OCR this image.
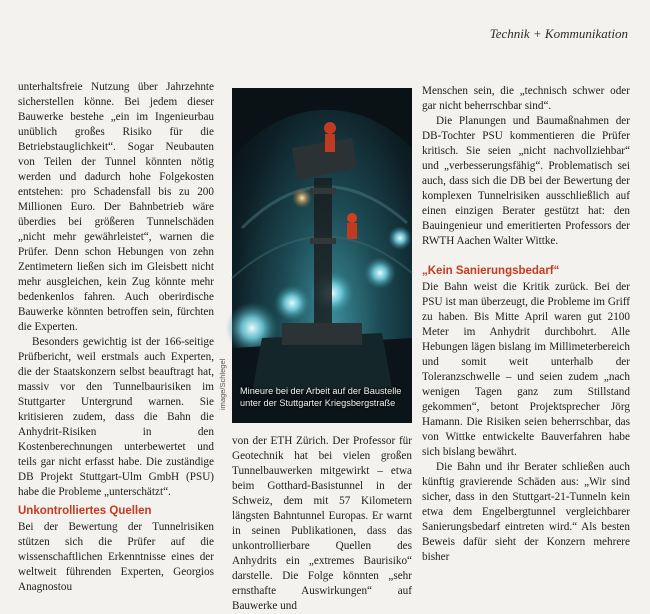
Technik + Kommunikation

unterhaltsfreie Nutzung über Jahrzehnte sicherstellen könne. Bei jedem dieser Bauwerke bestehe „ein im Ingenieurbau unüblich großes Risiko für die Betriebstauglichkeit“. Sogar Neubauten von Teilen der Tunnel könnten nötig werden und dadurch hohe Folgekosten entstehen: pro Schadensfall bis zu 200 Millionen Euro. Der Bahnbetrieb wäre überdies bei größeren Tunnelschäden „nicht mehr gewährleistet“, warnen die Prüfer. Denn schon Hebungen von zehn Zentimetern ließen sich im Gleisbett nicht mehr ausgleichen, kein Zug könnte mehr bedenkenlos fahren. Auch oberirdische Bauwerke könnten betroffen sein, fürchten die Experten.

Besonders gewichtig ist der 166-seitige Prüfbericht, weil erstmals auch Experten, die der Staatskonzern selbst beauftragt hat, massiv vor den Tunnelbaurisiken im Stuttgarter Untergrund warnen. Sie kritisieren zudem, dass die Bahn die Anhydrit-Risiken in den Kostenberechnungen unterbewertet und teils gar nicht erfasst habe. Die zuständige DB Projekt Stuttgart-Ulm GmbH (PSU) habe die Probleme „unterschätzt“.

Unkontrolliertes Quellen

Bei der Bewertung der Tunnelrisiken stützen sich die Prüfer auf die wissenschaftlichen Erkenntnisse eines der weltweit führenden Experten, Georgios Anagnostou

Mineure bei der Arbeit auf der Baustelle unter der Stuttgarter Kriegsbergstraße
image/Schlegel

von der ETH Zürich. Der Professor für Geotechnik hat bei vielen großen Tunnelbauwerken mitgewirkt – etwa beim Gotthard-Basistunnel in der Schweiz, dem mit 57 Kilometern längsten Bahntunnel Europas. Er warnt in seinen Publikationen, dass das unkontrollierbare Quellen des Anhydrits ein „extremes Baurisiko“ darstelle. Die Folge könnten „sehr ernsthafte Auswirkungen“ auf Bauwerke und

Menschen sein, die „technisch schwer oder gar nicht beherrschbar sind“.

Die Planungen und Baumaßnahmen der DB-Tochter PSU kommentieren die Prüfer kritisch. Sie seien „nicht nachvollziehbar“ und „verbesserungsfähig“. Problematisch sei auch, dass sich die DB bei der Bewertung der komplexen Tunnelrisiken ausschließlich auf einen einzigen Berater gestützt hat: den Bauingenieur und emeritierten Professors der RWTH Aachen Walter Wittke.

„Kein Sanierungsbedarf“

Die Bahn weist die Kritik zurück. Bei der PSU ist man überzeugt, die Probleme im Griff zu haben. Bis Mitte April waren gut 2100 Meter im Anhydrit durchbohrt. Alle Hebungen lägen bislang im Millimeterbereich und somit weit unterhalb der Toleranzschwelle – und seien zudem „nach wenigen Tagen ganz zum Stillstand gekommen“, betont Projektsprecher Jörg Hamann. Die Risiken seien beherrschbar, das von Wittke entwickelte Bauverfahren habe sich bislang bewährt.

Die Bahn und ihr Berater schließen auch künftig gravierende Schäden aus: „Wir sind sicher, dass in den Stuttgart-21-Tunneln kein etwa dem Engelbergtunnel vergleichbarer Sanierungsbedarf eintreten wird.“ Als besten Beweis dafür sieht der Konzern mehrere bisher
